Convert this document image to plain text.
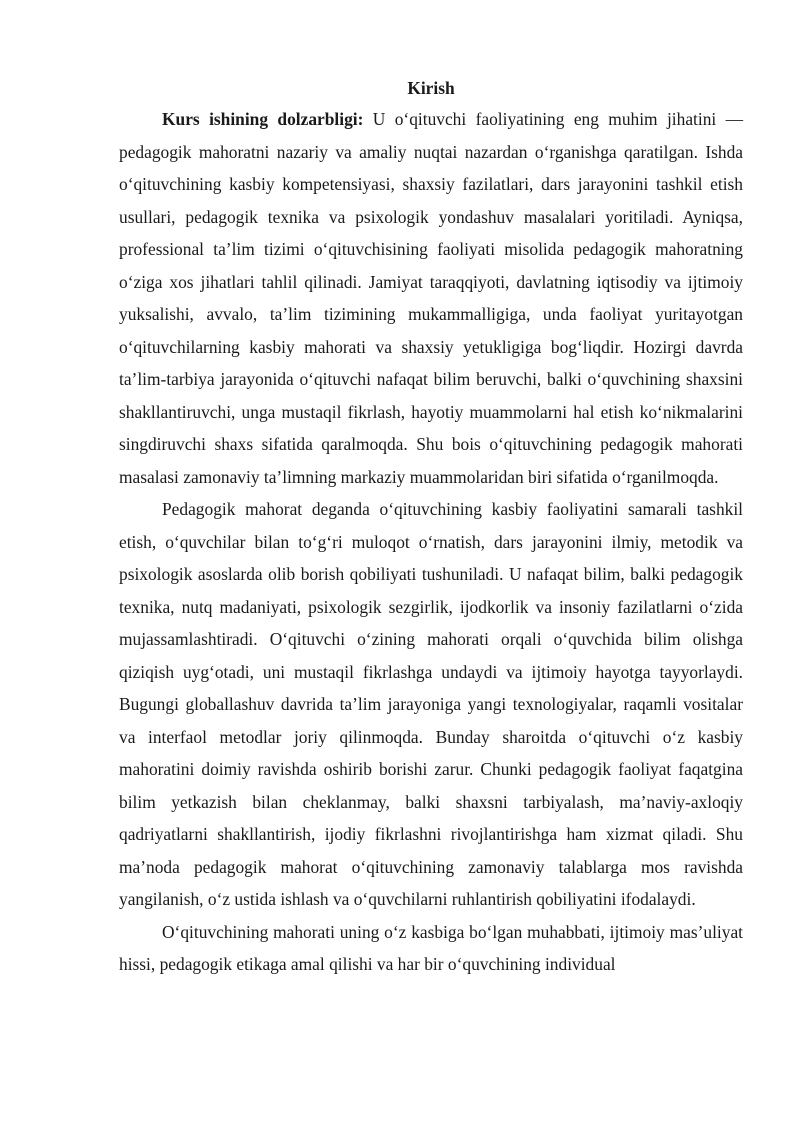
Kirish

Kurs ishining dolzarbligi: U o‘qituvchi faoliyatining eng muhim jihatini — pedagogik mahoratni nazariy va amaliy nuqtai nazardan o‘rganishga qaratilgan. Ishda o‘qituvchining kasbiy kompetensiyasi, shaxsiy fazilatlari, dars jarayonini tashkil etish usullari, pedagogik texnika va psixologik yondashuv masalalari yoritiladi. Ayniqsa, professional ta’lim tizimi o‘qituvchisining faoliyati misolida pedagogik mahoratning o‘ziga xos jihatlari tahlil qilinadi. Jamiyat taraqqiyoti, davlatning iqtisodiy va ijtimoiy yuksalishi, avvalo, ta’lim tizimining mukammalligiga, unda faoliyat yuritayotgan o‘qituvchilarning kasbiy mahorati va shaxsiy yetukligiga bog‘liqdir. Hozirgi davrda ta’lim-tarbiya jarayonida o‘qituvchi nafaqat bilim beruvchi, balki o‘quvchining shaxsini shakllantiruvchi, unga mustaqil fikrlash, hayotiy muammolarni hal etish ko‘nikmalarini singdiruvchi shaxs sifatida qaralmoqda. Shu bois o‘qituvchining pedagogik mahorati masalasi zamonaviy ta’limning markaziy muammolaridan biri sifatida o‘rganilmoqda.

Pedagogik mahorat deganda o‘qituvchining kasbiy faoliyatini samarali tashkil etish, o‘quvchilar bilan to‘g‘ri muloqot o‘rnatish, dars jarayonini ilmiy, metodik va psixologik asoslarda olib borish qobiliyati tushuniladi. U nafaqat bilim, balki pedagogik texnika, nutq madaniyati, psixologik sezgirlik, ijodkorlik va insoniy fazilatlarni o‘zida mujassamlashtiradi. O‘qituvchi o‘zining mahorati orqali o‘quvchida bilim olishga qiziqish uyg‘otadi, uni mustaqil fikrlashga undaydi va ijtimoiy hayotga tayyorlaydi. Bugungi globallashuv davrida ta’lim jarayoniga yangi texnologiyalar, raqamli vositalar va interfaol metodlar joriy qilinmoqda. Bunday sharoitda o‘qituvchi o‘z kasbiy mahoratini doimiy ravishda oshirib borishi zarur. Chunki pedagogik faoliyat faqatgina bilim yetkazish bilan cheklanmay, balki shaxsni tarbiyalash, ma’naviy-axloqiy qadriyatlarni shakllantirish, ijodiy fikrlashni rivojlantirishga ham xizmat qiladi. Shu ma’noda pedagogik mahorat o‘qituvchining zamonaviy talablarga mos ravishda yangilanish, o‘z ustida ishlash va o‘quvchilarni ruhlantirish qobiliyatini ifodalaydi.

O‘qituvchining mahorati uning o‘z kasbiga bo‘lgan muhabbati, ijtimoiy mas’uliyat hissi, pedagogik etikaga amal qilishi va har bir o‘quvchining individual
